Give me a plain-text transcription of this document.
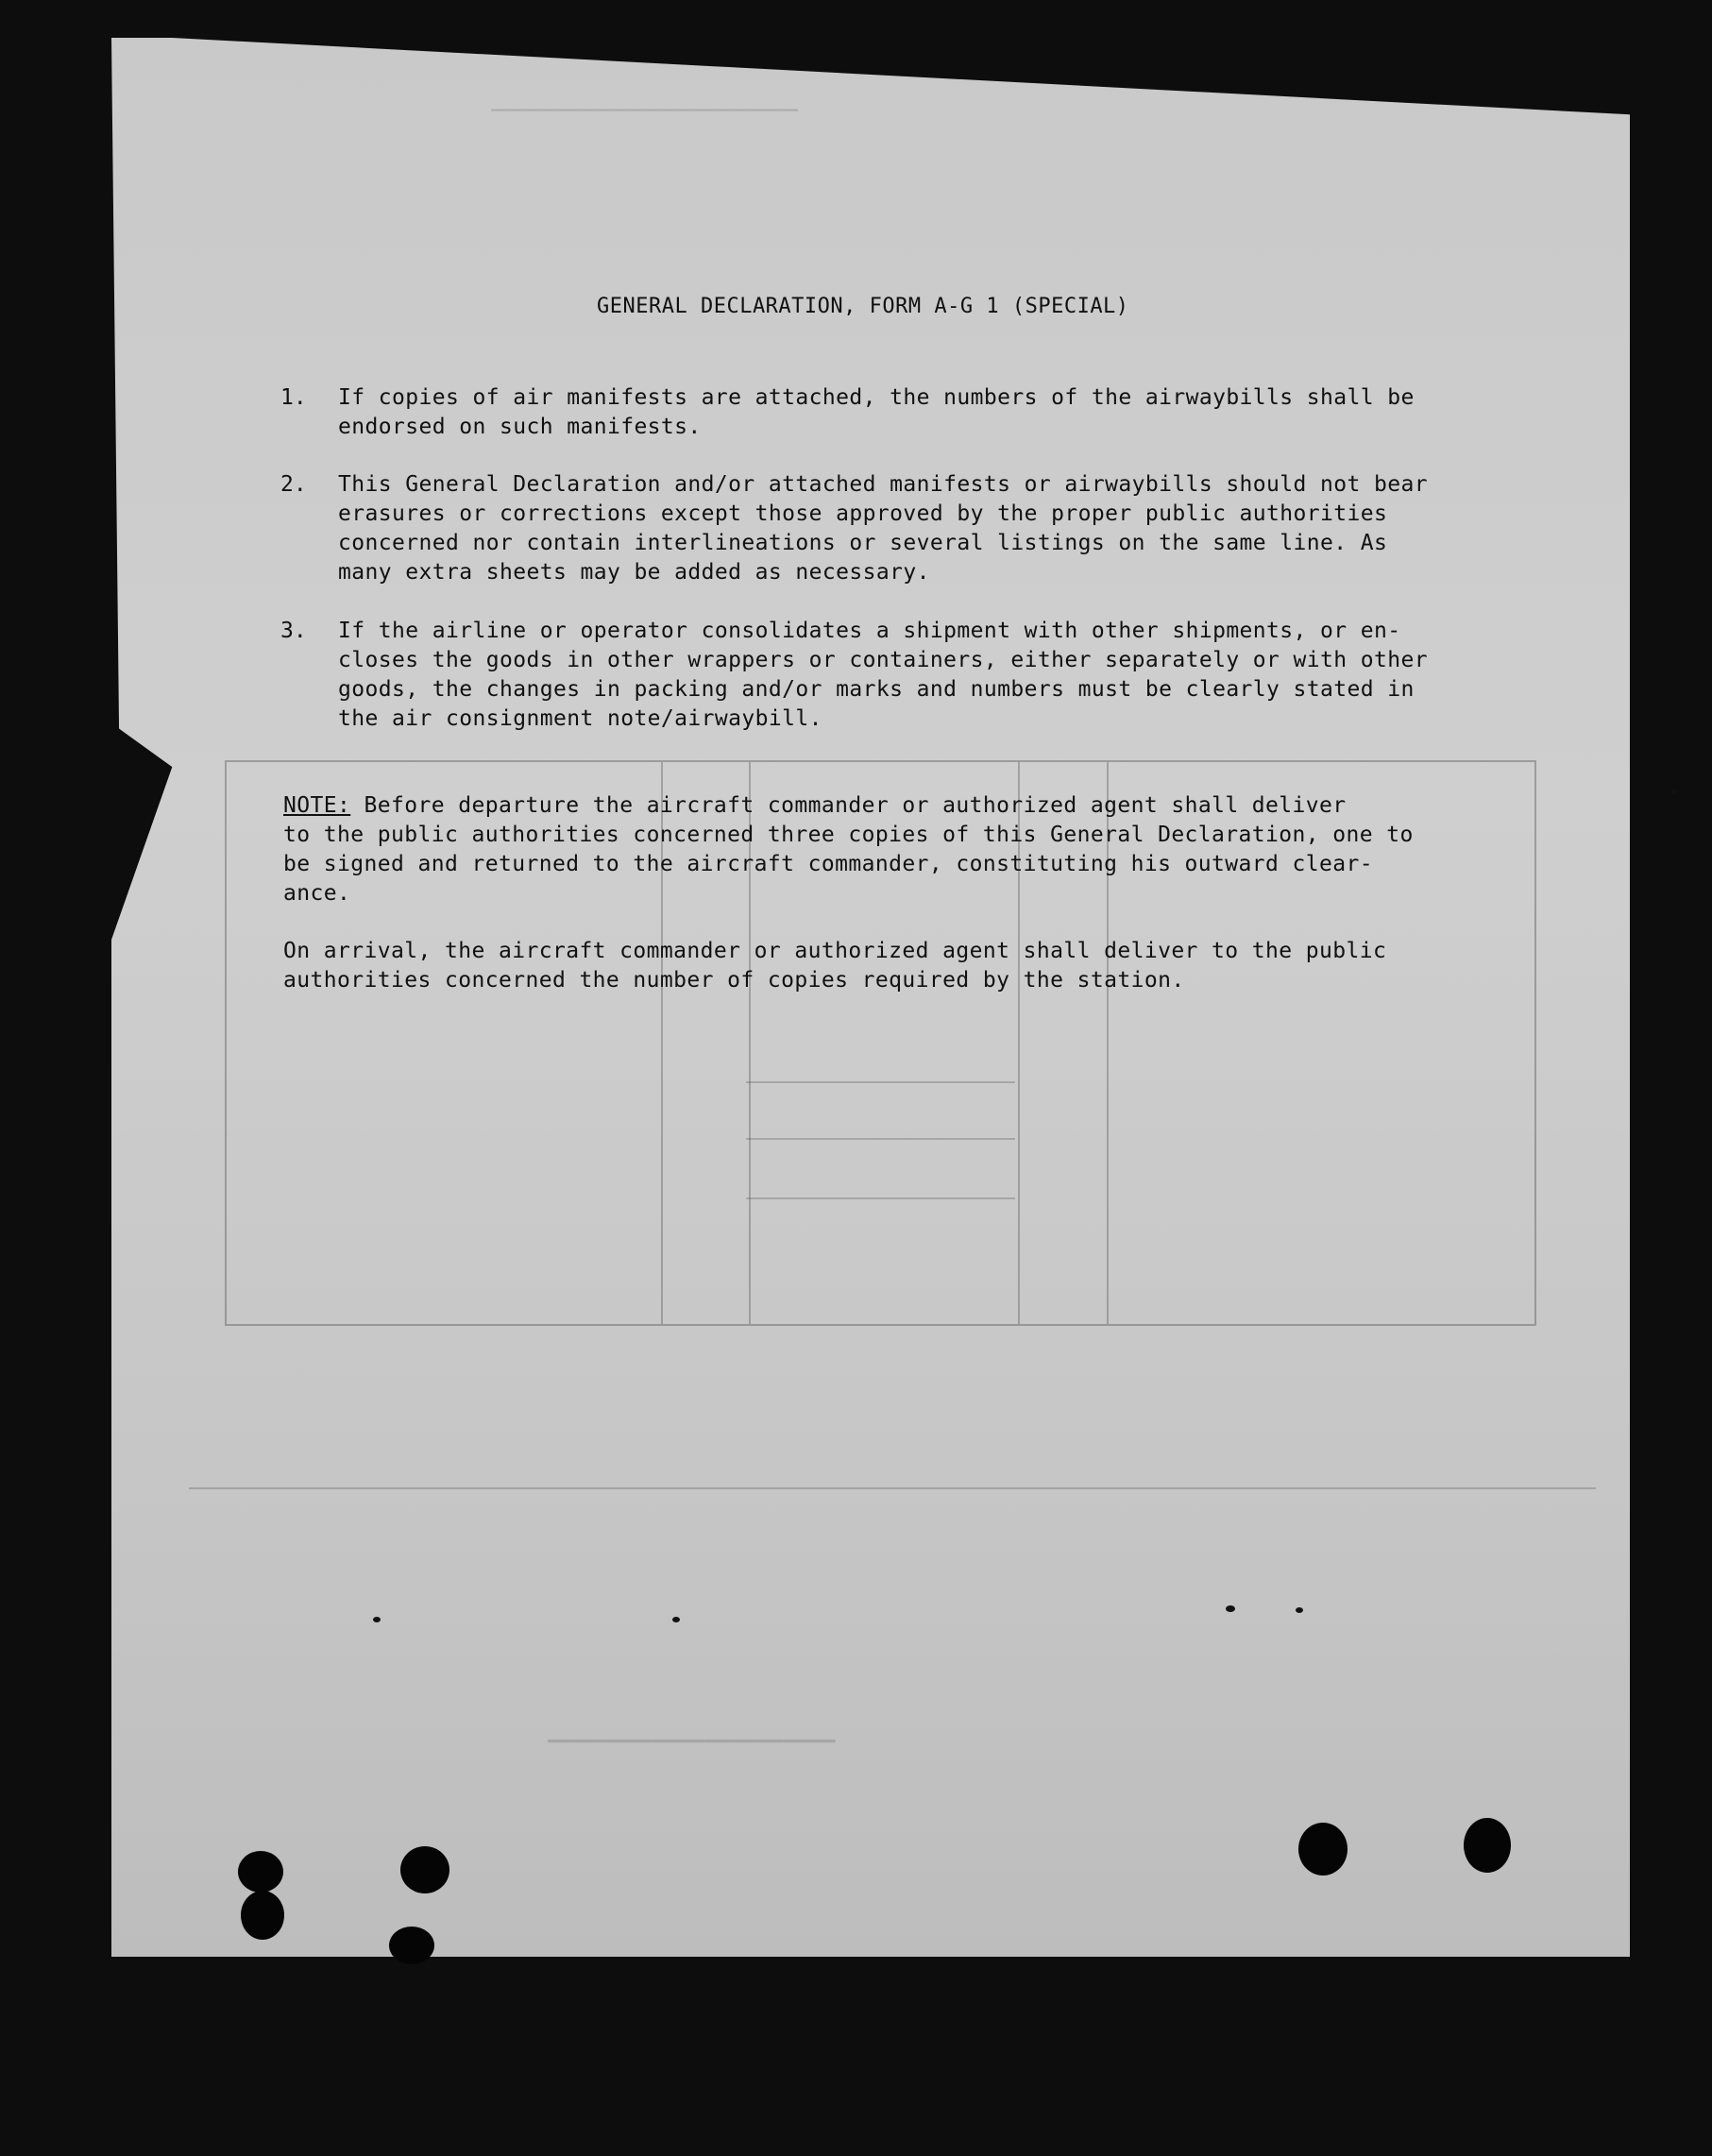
——————————————————
———————————
GENERAL DECLARATION, FORM A-G 1 (SPECIAL)
1. If copies of air manifests are attached, the numbers of the airwaybills shall be
endorsed on such manifests.
2. This General Declaration and/or attached manifests or airwaybills should not bear
erasures or corrections except those approved by the proper public authorities
concerned nor contain interlineations or several listings on the same line. As
many extra sheets may be added as necessary.
3. If the airline or operator consolidates a shipment with other shipments, or en-
closes the goods in other wrappers or containers, either separately or with other
goods, the changes in packing and/or marks and numbers must be clearly stated in
the air consignment note/airwaybill.
NOTE: Before departure the aircraft commander or authorized agent shall deliver
to the public authorities concerned three copies of this General Declaration, one to
be signed and returned to the aircraft commander, constituting his outward clear-
ance.
On arrival, the aircraft commander or authorized agent shall deliver to the public
authorities concerned the number of copies required by the station.
